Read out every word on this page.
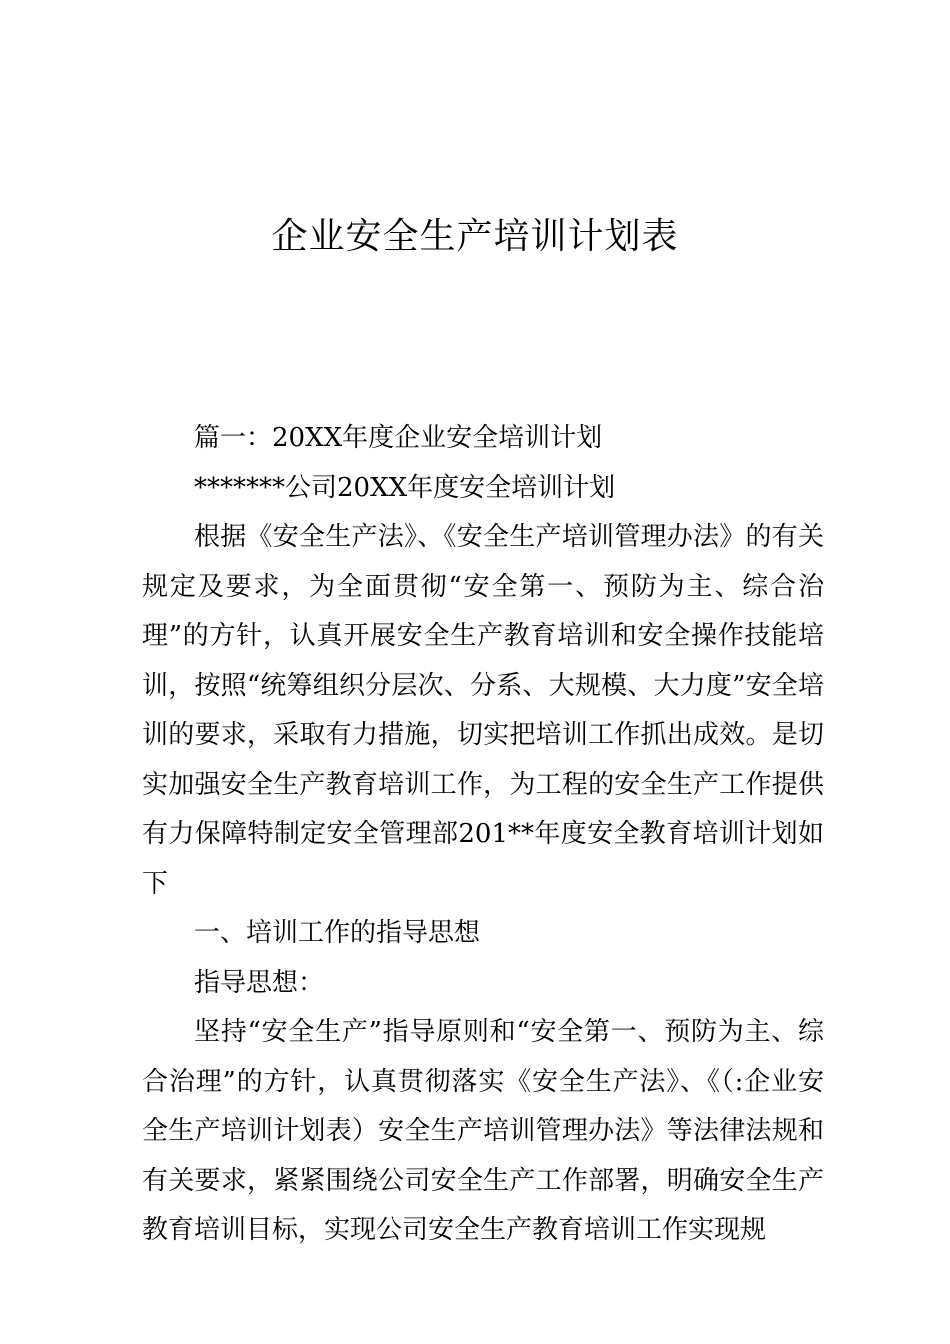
企业安全生产培训计划表

篇一：20XX年度企业安全培训计划

*******公司20XX年度安全培训计划

根据《安全生产法》、《安全生产培训管理办法》的有关规定及要求，为全面贯彻“安全第一、预防为主、综合治理”的方针，认真开展安全生产教育培训和安全操作技能培训，按照“统筹组织分层次、分系、大规模、大力度”安全培训的要求，采取有力措施，切实把培训工作抓出成效。是切实加强安全生产教育培训工作，为工程的安全生产工作提供有力保障特制定安全管理部201**年度安全教育培训计划如下

一、培训工作的指导思想

指导思想：

坚持“安全生产”指导原则和“安全第一、预防为主、综合治理”的方针，认真贯彻落实《安全生产法》、《（:企业安全生产培训计划表）安全生产培训管理办法》等法律法规和有关要求，紧紧围绕公司安全生产工作部署，明确安全生产教育培训目标，实现公司安全生产教育培训工作实现规
